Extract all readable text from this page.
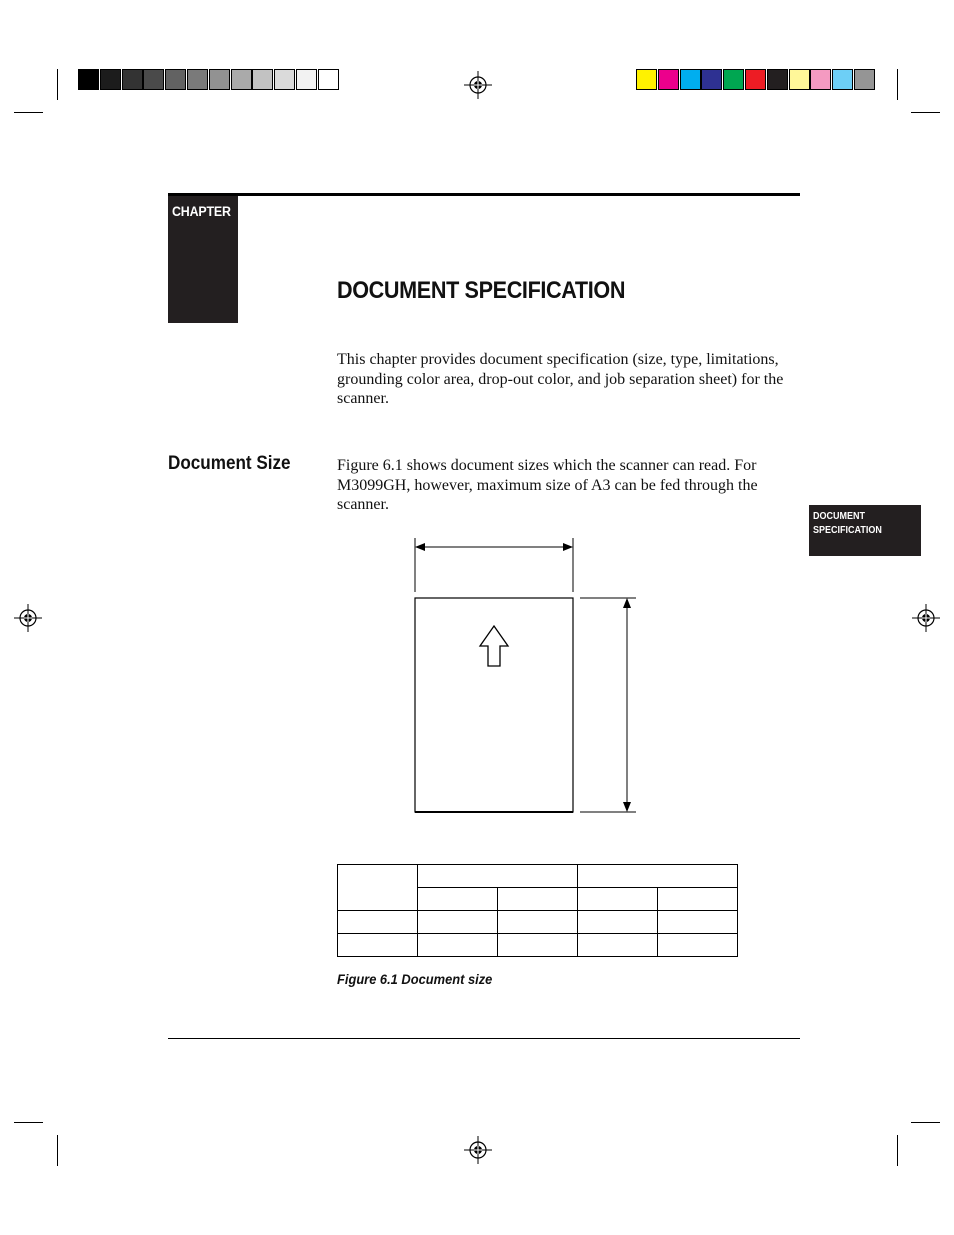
CHAPTER
DOCUMENT SPECIFICATION
This chapter provides document specification (size, type, limitations, grounding color area, drop-out color, and job separation sheet) for the scanner.
Document Size	Figure 6.1 shows document sizes which the scanner can read. For M3099GH, however, maximum size of A3 can be fed through the scanner.
DOCUMENT
SPECIFICATION

Figure 6.1 Document size
